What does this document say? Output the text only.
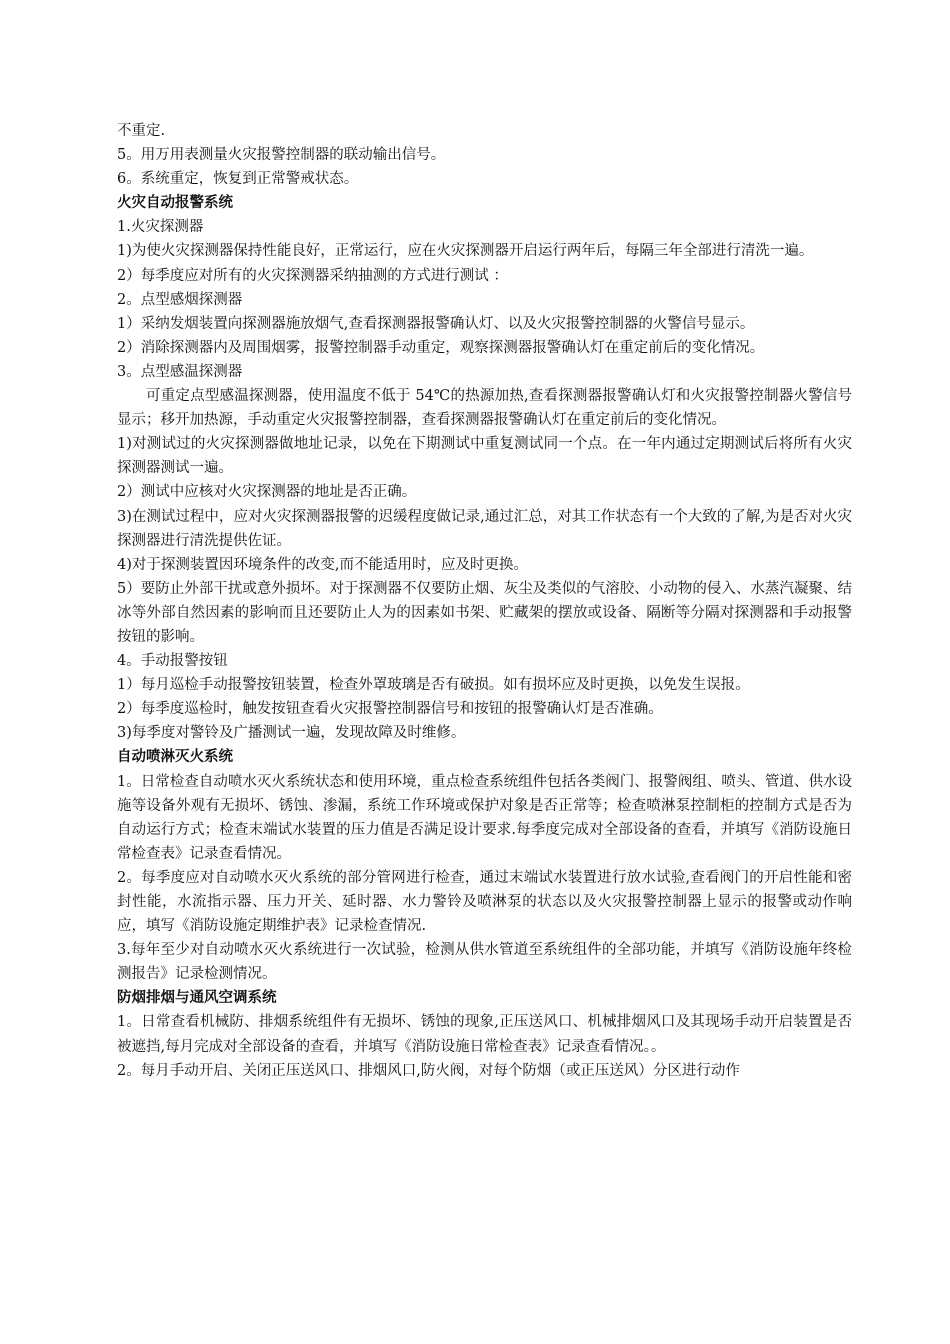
不重定.

5。用万用表测量火灾报警控制器的联动输出信号。

6。系统重定，恢复到正常警戒状态。

火灾自动报警系统

1.火灾探测器

1)为使火灾探测器保持性能良好，正常运行，应在火灾探测器开启运行两年后，每隔三年全部进行清洗一遍。

2）每季度应对所有的火灾探测器采纳抽测的方式进行测试 ：

2。点型感烟探测器

1）采纳发烟装置向探测器施放烟气,查看探测器报警确认灯、以及火灾报警控制器的火警信号显示。

2）消除探测器内及周围烟雾，报警控制器手动重定，观察探测器报警确认灯在重定前后的变化情况。

3。点型感温探测器

可重定点型感温探测器，使用温度不低于 54℃的热源加热,查看探测器报警确认灯和火灾报警控制器火警信号显示；移开加热源，手动重定火灾报警控制器，查看探测器报警确认灯在重定前后的变化情况。

1)对测试过的火灾探测器做地址记录，以免在下期测试中重复测试同一个点。在一年内通过定期测试后将所有火灾探测器测试一遍。

2）测试中应核对火灾探测器的地址是否正确。

3)在测试过程中，应对火灾探测器报警的迟缓程度做记录,通过汇总，对其工作状态有一个大致的了解,为是否对火灾探测器进行清洗提供佐证。

4)对于探测装置因环境条件的改变,而不能适用时，应及时更换。

5）要防止外部干扰或意外损坏。对于探测器不仅要防止烟、灰尘及类似的气溶胶、小动物的侵入、水蒸汽凝聚、结冰等外部自然因素的影响而且还要防止人为的因素如书架、贮藏架的摆放或设备、隔断等分隔对探测器和手动报警按钮的影响。

4。手动报警按钮

1）每月巡检手动报警按钮装置，检查外罩玻璃是否有破损。如有损坏应及时更换，以免发生误报。

2）每季度巡检时，触发按钮查看火灾报警控制器信号和按钮的报警确认灯是否准确。

3)每季度对警铃及广播测试一遍，发现故障及时维修。

自动喷淋灭火系统

1。日常检查自动喷水灭火系统状态和使用环境，重点检查系统组件包括各类阀门、报警阀组、喷头、管道、供水设施等设备外观有无损坏、锈蚀、渗漏，系统工作环境或保护对象是否正常等；检查喷淋泵控制柜的控制方式是否为自动运行方式；检查末端试水装置的压力值是否满足设计要求.每季度完成对全部设备的查看，并填写《消防设施日常检查表》记录查看情况。

2。每季度应对自动喷水灭火系统的部分管网进行检查，通过末端试水装置进行放水试验,查看阀门的开启性能和密封性能，水流指示器、压力开关、延时器、水力警铃及喷淋泵的状态以及火灾报警控制器上显示的报警或动作响应，填写《消防设施定期维护表》记录检查情况.

3.每年至少对自动喷水灭火系统进行一次试验，检测从供水管道至系统组件的全部功能，并填写《消防设施年终检测报告》记录检测情况。

防烟排烟与通风空调系统

1。日常查看机械防、排烟系统组件有无损坏、锈蚀的现象,正压送风口、机械排烟风口及其现场手动开启装置是否被遮挡,每月完成对全部设备的查看，并填写《消防设施日常检查表》记录查看情况。。

2。每月手动开启、关闭正压送风口、排烟风口,防火阀，对每个防烟（或正压送风）分区进行动作
